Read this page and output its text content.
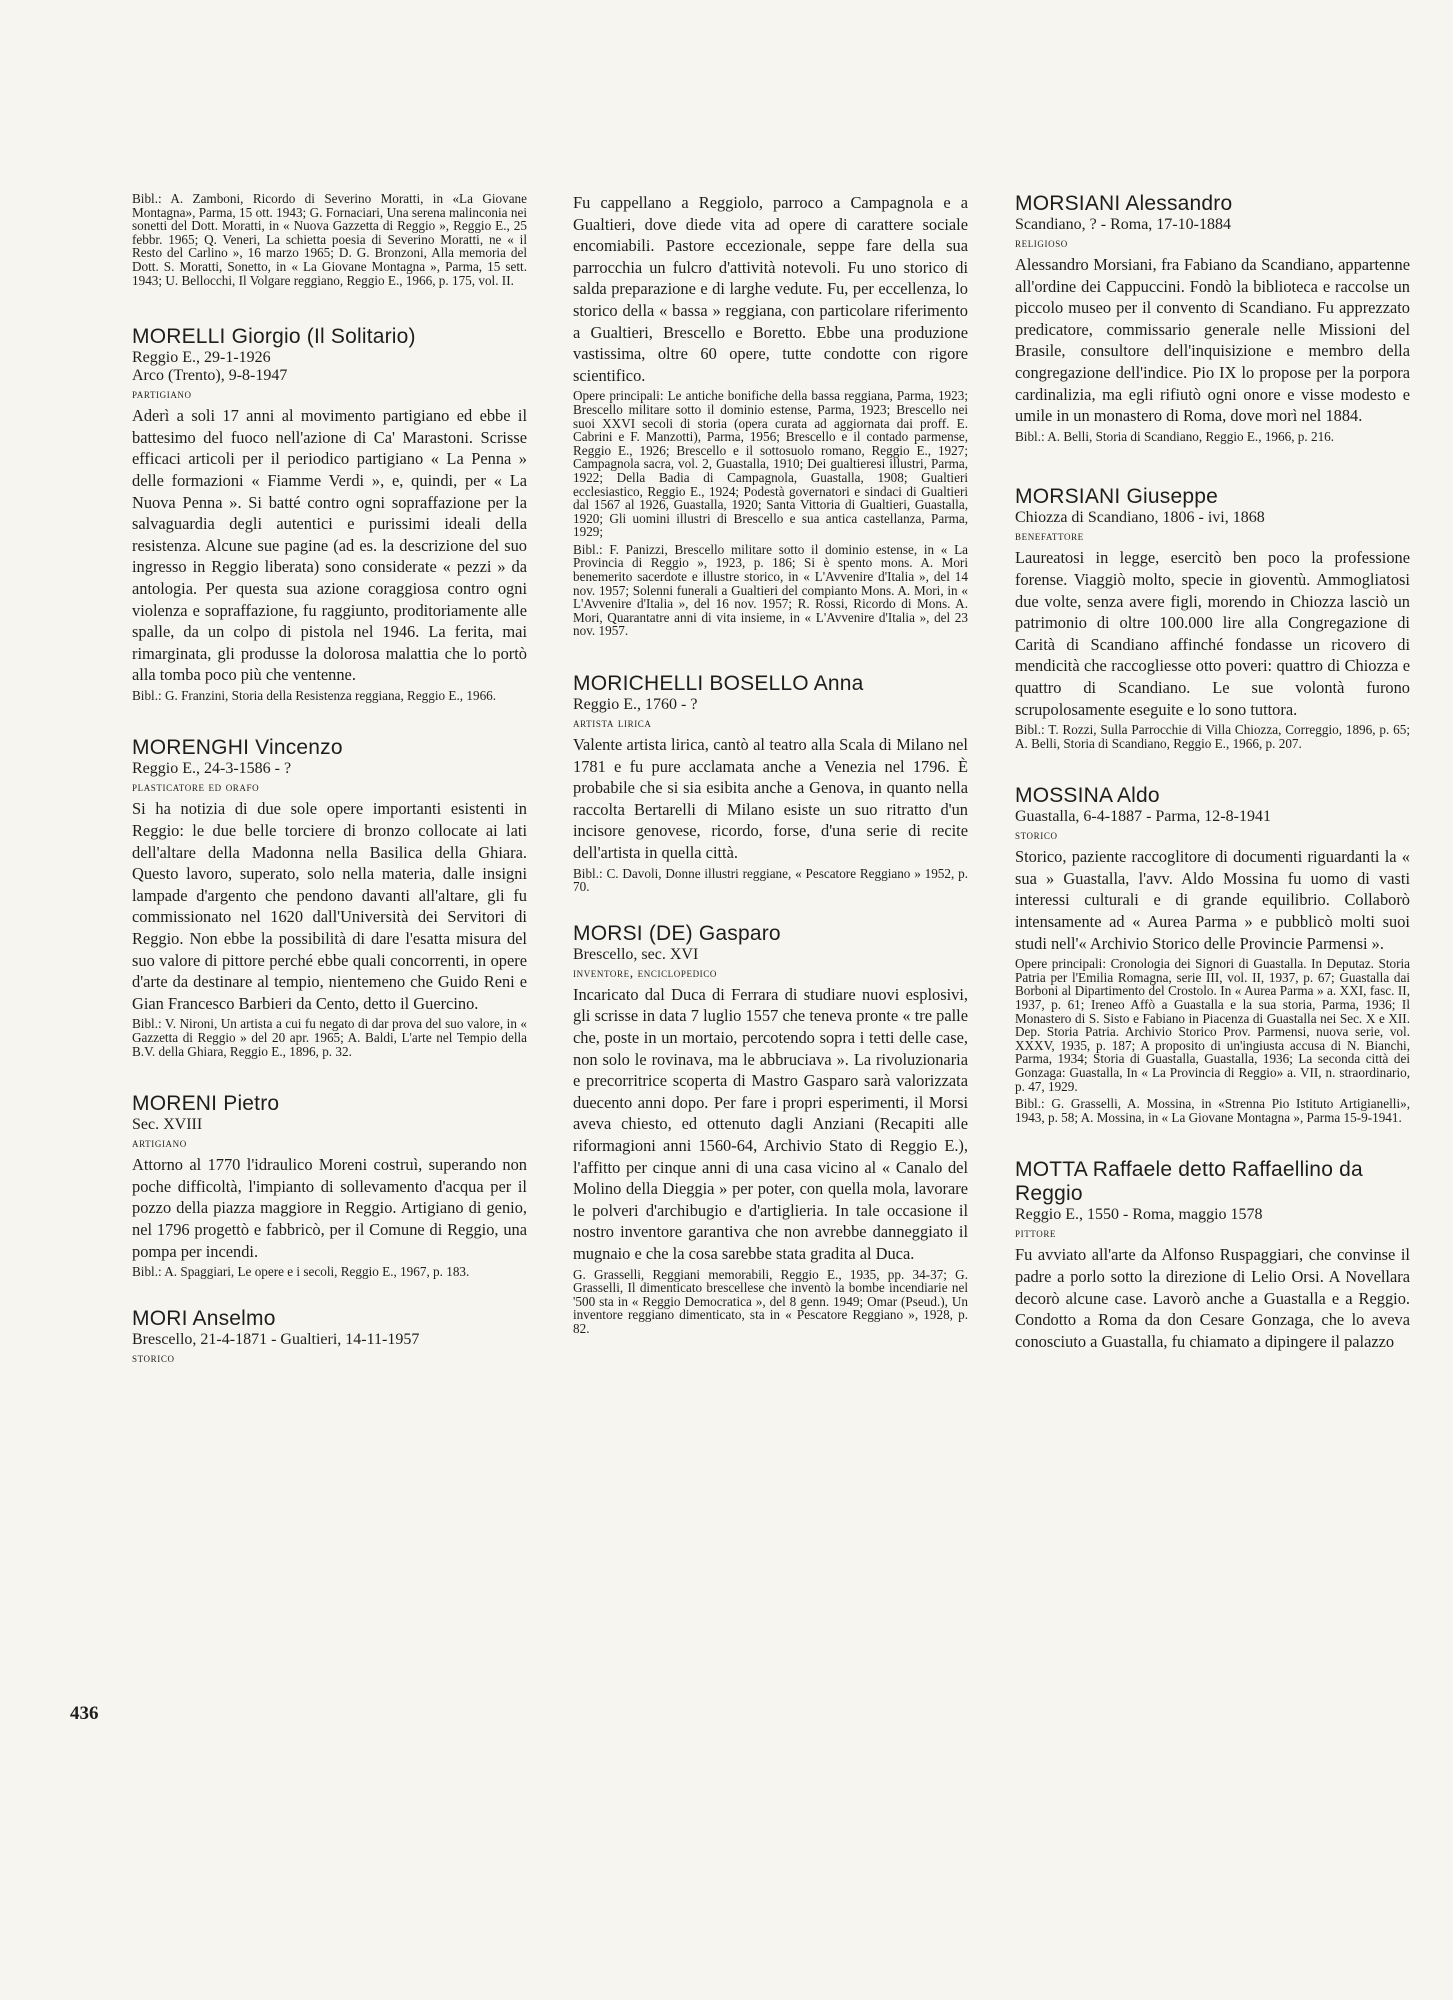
Bibl.: A. Zamboni, Ricordo di Severino Moratti, in «La Giovane Montagna», Parma, 15 ott. 1943; G. Fornaciari, Una serena malinconia nei sonetti del Dott. Moratti, in « Nuova Gazzetta di Reggio », Reggio E., 25 febbr. 1965; Q. Veneri, La schietta poesia di Severino Moratti, ne « il Resto del Carlino », 16 marzo 1965; D. G. Bronzoni, Alla memoria del Dott. S. Moratti, Sonetto, in « La Giovane Montagna », Parma, 15 sett. 1943; U. Bellocchi, Il Volgare reggiano, Reggio E., 1966, p. 175, vol. II.

MORELLI Giorgio (Il Solitario)

Reggio E., 29-1-1926

Arco (Trento), 9-8-1947

partigiano

Aderì a soli 17 anni al movimento partigiano ed ebbe il battesimo del fuoco nell'azione di Ca' Marastoni. Scrisse efficaci articoli per il periodico partigiano « La Penna » delle formazioni « Fiamme Verdi », e, quindi, per « La Nuova Penna ». Si batté contro ogni sopraffazione per la salvaguardia degli autentici e purissimi ideali della resistenza. Alcune sue pagine (ad es. la descrizione del suo ingresso in Reggio liberata) sono considerate « pezzi » da antologia. Per questa sua azione coraggiosa contro ogni violenza e sopraffazione, fu raggiunto, proditoriamente alle spalle, da un colpo di pistola nel 1946. La ferita, mai rimarginata, gli produsse la dolorosa malattia che lo portò alla tomba poco più che ventenne.

Bibl.: G. Franzini, Storia della Resistenza reggiana, Reggio E., 1966.

MORENGHI Vincenzo

Reggio E., 24-3-1586 - ?

plasticatore ed orafo

Si ha notizia di due sole opere importanti esistenti in Reggio: le due belle torciere di bronzo collocate ai lati dell'altare della Madonna nella Basilica della Ghiara. Questo lavoro, superato, solo nella materia, dalle insigni lampade d'argento che pendono davanti all'altare, gli fu commissionato nel 1620 dall'Università dei Servitori di Reggio. Non ebbe la possibilità di dare l'esatta misura del suo valore di pittore perché ebbe quali concorrenti, in opere d'arte da destinare al tempio, nientemeno che Guido Reni e Gian Francesco Barbieri da Cento, detto il Guercino.

Bibl.: V. Nironi, Un artista a cui fu negato di dar prova del suo valore, in « Gazzetta di Reggio » del 20 apr. 1965; A. Baldi, L'arte nel Tempio della B.V. della Ghiara, Reggio E., 1896, p. 32.

MORENI Pietro

Sec. XVIII

artigiano

Attorno al 1770 l'idraulico Moreni costruì, superando non poche difficoltà, l'impianto di sollevamento d'acqua per il pozzo della piazza maggiore in Reggio. Artigiano di genio, nel 1796 progettò e fabbricò, per il Comune di Reggio, una pompa per incendi.

Bibl.: A. Spaggiari, Le opere e i secoli, Reggio E., 1967, p. 183.

MORI Anselmo

Brescello, 21-4-1871 - Gualtieri, 14-11-1957

storico

Fu cappellano a Reggiolo, parroco a Campagnola e a Gualtieri, dove diede vita ad opere di carattere sociale encomiabili. Pastore eccezionale, seppe fare della sua parrocchia un fulcro d'attività notevoli. Fu uno storico di salda preparazione e di larghe vedute. Fu, per eccellenza, lo storico della « bassa » reggiana, con particolare riferimento a Gualtieri, Brescello e Boretto. Ebbe una produzione vastissima, oltre 60 opere, tutte condotte con rigore scientifico.

Opere principali: Le antiche bonifiche della bassa reggiana, Parma, 1923; Brescello militare sotto il dominio estense, Parma, 1923; Brescello nei suoi XXVI secoli di storia (opera curata ad aggiornata dai proff. E. Cabrini e F. Manzotti), Parma, 1956; Brescello e il contado parmense, Reggio E., 1926; Brescello e il sottosuolo romano, Reggio E., 1927; Campagnola sacra, vol. 2, Guastalla, 1910; Dei gualtieresi illustri, Parma, 1922; Della Badia di Campagnola, Guastalla, 1908; Gualtieri ecclesiastico, Reggio E., 1924; Podestà governatori e sindaci di Gualtieri dal 1567 al 1926, Guastalla, 1920; Santa Vittoria di Gualtieri, Guastalla, 1920; Gli uomini illustri di Brescello e sua antica castellanza, Parma, 1929;

Bibl.: F. Panizzi, Brescello militare sotto il dominio estense, in « La Provincia di Reggio », 1923, p. 186; Si è spento mons. A. Mori benemerito sacerdote e illustre storico, in « L'Avvenire d'Italia », del 14 nov. 1957; Solenni funerali a Gualtieri del compianto Mons. A. Mori, in « L'Avvenire d'Italia », del 16 nov. 1957; R. Rossi, Ricordo di Mons. A. Mori, Quarantatre anni di vita insieme, in « L'Avvenire d'Italia », del 23 nov. 1957.

MORICHELLI BOSELLO Anna

Reggio E., 1760 - ?

artista lirica

Valente artista lirica, cantò al teatro alla Scala di Milano nel 1781 e fu pure acclamata anche a Venezia nel 1796. È probabile che si sia esibita anche a Genova, in quanto nella raccolta Bertarelli di Milano esiste un suo ritratto d'un incisore genovese, ricordo, forse, d'una serie di recite dell'artista in quella città.

Bibl.: C. Davoli, Donne illustri reggiane, « Pescatore Reggiano » 1952, p. 70.

MORSI (DE) Gasparo

Brescello, sec. XVI

inventore, enciclopedico

Incaricato dal Duca di Ferrara di studiare nuovi esplosivi, gli scrisse in data 7 luglio 1557 che teneva pronte « tre palle che, poste in un mortaio, percotendo sopra i tetti delle case, non solo le rovinava, ma le abbruciava ». La rivoluzionaria e precorritrice scoperta di Mastro Gasparo sarà valorizzata duecento anni dopo. Per fare i propri esperimenti, il Morsi aveva chiesto, ed ottenuto dagli Anziani (Recapiti alle riformagioni anni 1560-64, Archivio Stato di Reggio E.), l'affitto per cinque anni di una casa vicino al « Canalo del Molino della Dieggia » per poter, con quella mola, lavorare le polveri d'archibugio e d'artiglieria. In tale occasione il nostro inventore garantiva che non avrebbe danneggiato il mugnaio e che la cosa sarebbe stata gradita al Duca.

G. Grasselli, Reggiani memorabili, Reggio E., 1935, pp. 34-37; G. Grasselli, Il dimenticato brescellese che inventò la bombe incendiarie nel '500 sta in « Reggio Democratica », del 8 genn. 1949; Omar (Pseud.), Un inventore reggiano dimenticato, sta in « Pescatore Reggiano », 1928, p. 82.

MORSIANI Alessandro

Scandiano, ? - Roma, 17-10-1884

religioso

Alessandro Morsiani, fra Fabiano da Scandiano, appartenne all'ordine dei Cappuccini. Fondò la biblioteca e raccolse un piccolo museo per il convento di Scandiano. Fu apprezzato predicatore, commissario generale nelle Missioni del Brasile, consultore dell'inquisizione e membro della congregazione dell'indice. Pio IX lo propose per la porpora cardinalizia, ma egli rifiutò ogni onore e visse modesto e umile in un monastero di Roma, dove morì nel 1884.

Bibl.: A. Belli, Storia di Scandiano, Reggio E., 1966, p. 216.

MORSIANI Giuseppe

Chiozza di Scandiano, 1806 - ivi, 1868

benefattore

Laureatosi in legge, esercitò ben poco la professione forense. Viaggiò molto, specie in gioventù. Ammogliatosi due volte, senza avere figli, morendo in Chiozza lasciò un patrimonio di oltre 100.000 lire alla Congregazione di Carità di Scandiano affinché fondasse un ricovero di mendicità che raccogliesse otto poveri: quattro di Chiozza e quattro di Scandiano. Le sue volontà furono scrupolosamente eseguite e lo sono tuttora.

Bibl.: T. Rozzi, Sulla Parrocchie di Villa Chiozza, Correggio, 1896, p. 65; A. Belli, Storia di Scandiano, Reggio E., 1966, p. 207.

MOSSINA Aldo

Guastalla, 6-4-1887 - Parma, 12-8-1941

storico

Storico, paziente raccoglitore di documenti riguardanti la « sua » Guastalla, l'avv. Aldo Mossina fu uomo di vasti interessi culturali e di grande equilibrio. Collaborò intensamente ad « Aurea Parma » e pubblicò molti suoi studi nell'« Archivio Storico delle Provincie Parmensi ».

Opere principali: Cronologia dei Signori di Guastalla. In Deputaz. Storia Patria per l'Emilia Romagna, serie III, vol. II, 1937, p. 67; Guastalla dai Borboni al Dipartimento del Crostolo. In « Aurea Parma » a. XXI, fasc. II, 1937, p. 61; Ireneo Affò a Guastalla e la sua storia, Parma, 1936; Il Monastero di S. Sisto e Fabiano in Piacenza di Guastalla nei Sec. X e XII. Dep. Storia Patria. Archivio Storico Prov. Parmensi, nuova serie, vol. XXXV, 1935, p. 187; A proposito di un'ingiusta accusa di N. Bianchi, Parma, 1934; Storia di Guastalla, Guastalla, 1936; La seconda città dei Gonzaga: Guastalla, In « La Provincia di Reggio» a. VII, n. straordinario, p. 47, 1929.

Bibl.: G. Grasselli, A. Mossina, in «Strenna Pio Istituto Artigianelli», 1943, p. 58; A. Mossina, in « La Giovane Montagna », Parma 15-9-1941.

MOTTA Raffaele detto Raffaellino da Reggio

Reggio E., 1550 - Roma, maggio 1578

pittore

Fu avviato all'arte da Alfonso Ruspaggiari, che convinse il padre a porlo sotto la direzione di Lelio Orsi. A Novellara decorò alcune case. Lavorò anche a Guastalla e a Reggio. Condotto a Roma da don Cesare Gonzaga, che lo aveva conosciuto a Guastalla, fu chiamato a dipingere il palazzo

436
